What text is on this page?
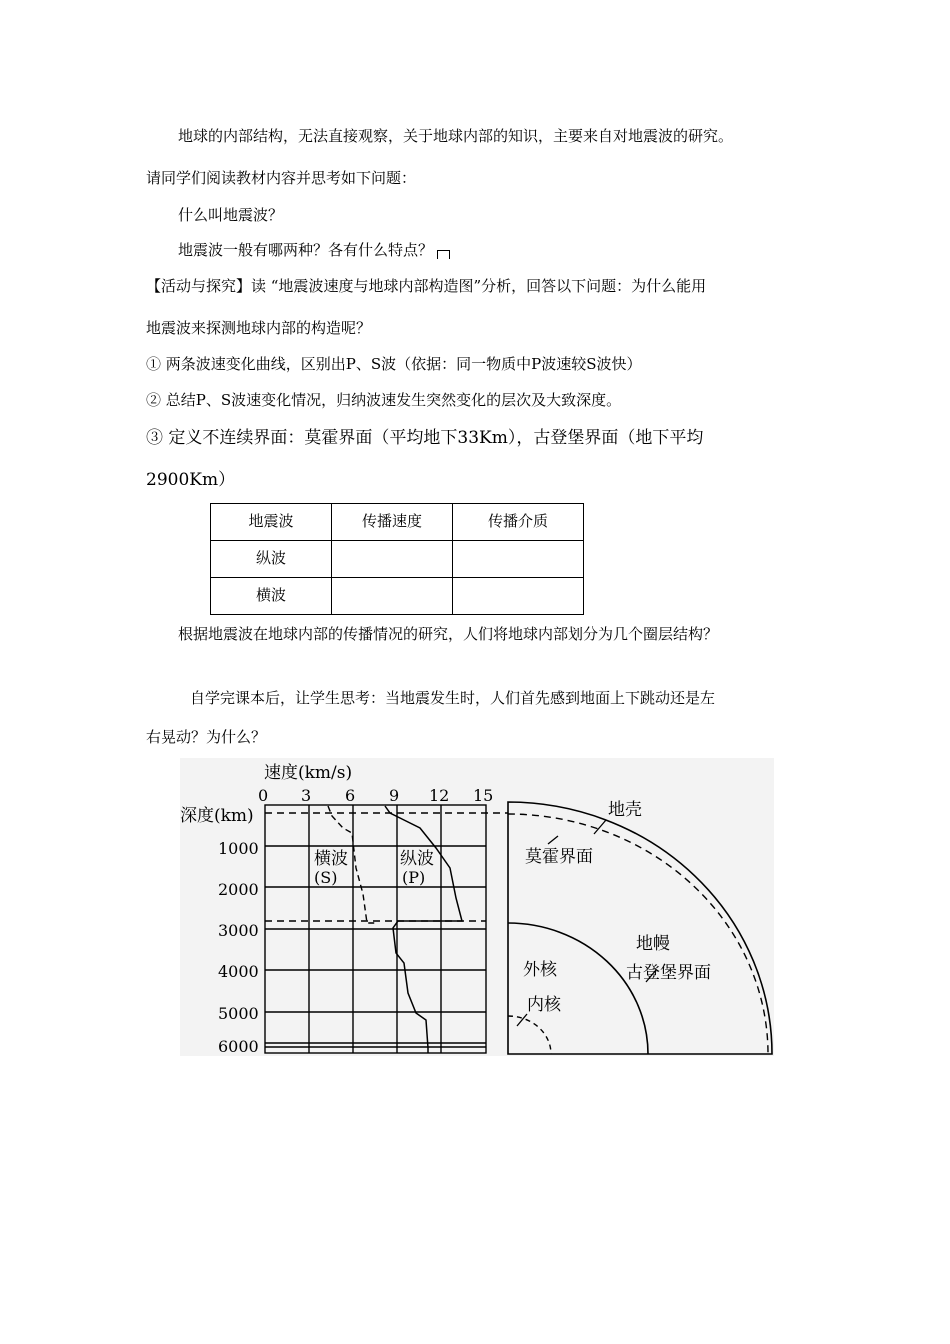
地球的内部结构，无法直接观察，关于地球内部的知识，主要来自对地震波的研究。
请同学们阅读教材内容并思考如下问题：
什么叫地震波？
地震波一般有哪两种？各有什么特点？
【活动与探究】读 “地震波速度与地球内部构造图”分析，回答以下问题：为什么能用
地震波来探测地球内部的构造呢？
① 两条波速变化曲线，区别出P、S波（依据：同一物质中P波速较S波快）
② 总结P、S波速变化情况，归纳波速发生突然变化的层次及大致深度。
③ 定义不连续界面：莫霍界面（平均地下33Km），古登堡界面（地下平均
2900Km）
地震波	传播速度	传播介质
纵波		
横波		
根据地震波在地球内部的传播情况的研究，人们将地球内部划分为几个圈层结构？
自学完课本后，让学生思考：当地震发生时，人们首先感到地面上下跳动还是左
右晃动？为什么？
速度(km/s)
0 3 6 9 12 15
深度(km)
1000
2000
3000
4000
5000
6000
横波
(S)
纵波
(P)
地壳
莫霍界面
地幔
古登堡界面
外核
内核
